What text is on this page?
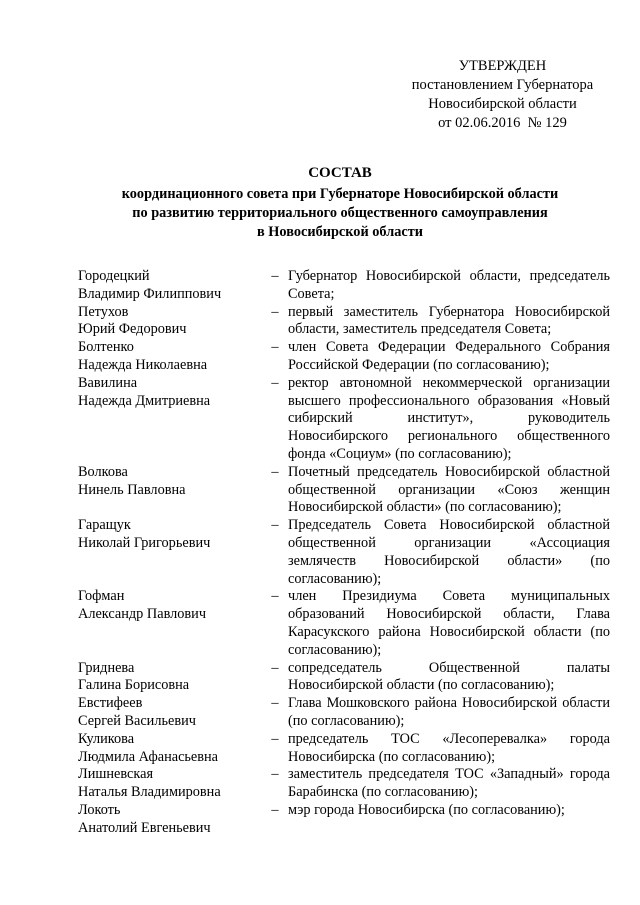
УТВЕРЖДЕН
постановлением Губернатора
Новосибирской области
от 02.06.2016  № 129
СОСТАВ
координационного совета при Губернаторе Новосибирской области
по развитию территориального общественного самоуправления
в Новосибирской области
Городецкий
Владимир Филиппович
– Губернатор Новосибирской области, председатель Совета;
Петухов
Юрий Федорович
– первый заместитель Губернатора Новосибирской области, заместитель председателя Совета;
Болтенко
Надежда Николаевна
– член Совета Федерации Федерального Собрания Российской Федерации (по согласованию);
Вавилина
Надежда Дмитриевна
– ректор автономной некоммерческой организации высшего профессионального образования «Новый сибирский институт», руководитель Новосибирского регионального общественного фонда «Социум» (по согласованию);
Волкова
Нинель Павловна
– Почетный председатель Новосибирской областной общественной организации «Союз женщин Новосибирской области» (по согласованию);
Гаращук
Николай Григорьевич
– Председатель Совета Новосибирской областной общественной организации «Ассоциация землячеств Новосибирской области» (по согласованию);
Гофман
Александр Павлович
– член Президиума Совета муниципальных образований Новосибирской области, Глава Карасукского района Новосибирской области (по согласованию);
Гриднева
Галина Борисовна
– сопредседатель Общественной палаты Новосибирской области (по согласованию);
Евстифеев
Сергей Васильевич
– Глава Мошковского района Новосибирской области (по согласованию);
Куликова
Людмила Афанасьевна
– председатель ТОС «Лесоперевалка» города Новосибирска (по согласованию);
Лишневская
Наталья Владимировна
– заместитель председателя ТОС «Западный» города Барабинска (по согласованию);
Локоть
Анатолий Евгеньевич
– мэр города Новосибирска (по согласованию);
